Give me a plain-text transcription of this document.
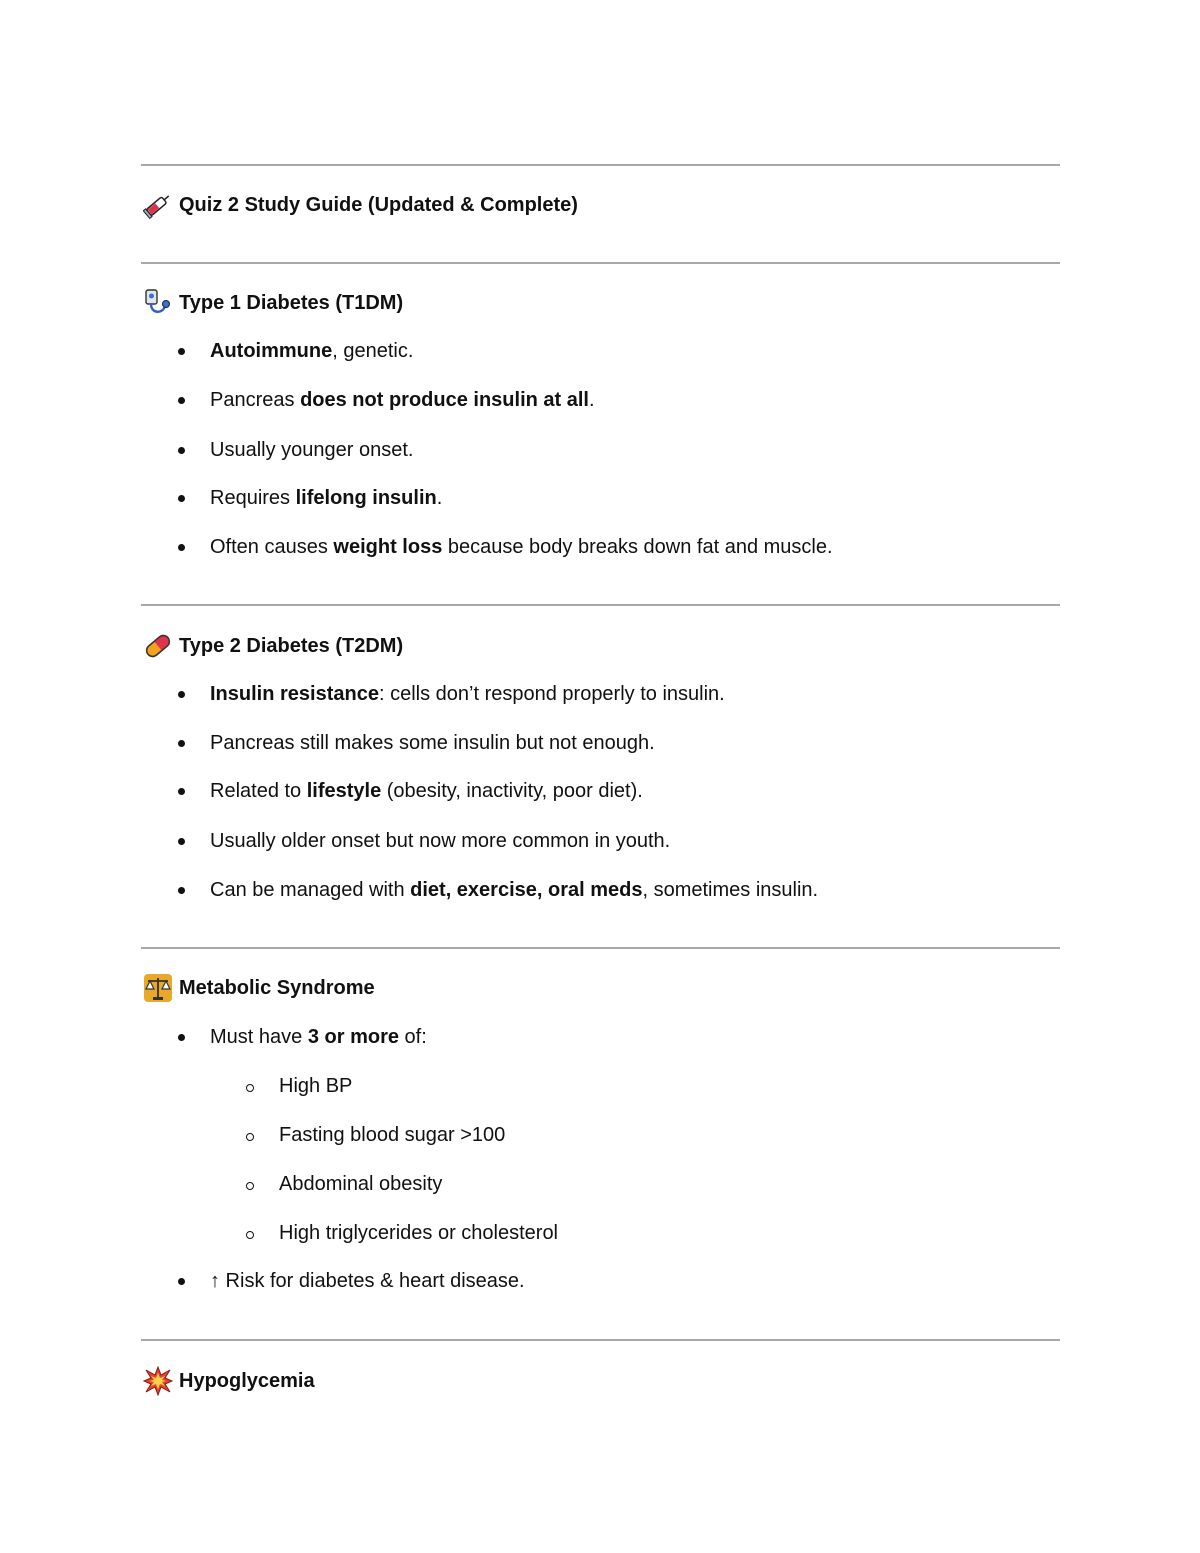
Quiz 2 Study Guide (Updated & Complete)
Type 1 Diabetes (T1DM)
Autoimmune, genetic.
Pancreas does not produce insulin at all.
Usually younger onset.
Requires lifelong insulin.
Often causes weight loss because body breaks down fat and muscle.
Type 2 Diabetes (T2DM)
Insulin resistance: cells don’t respond properly to insulin.
Pancreas still makes some insulin but not enough.
Related to lifestyle (obesity, inactivity, poor diet).
Usually older onset but now more common in youth.
Can be managed with diet, exercise, oral meds, sometimes insulin.
Metabolic Syndrome
Must have 3 or more of:
High BP
Fasting blood sugar >100
Abdominal obesity
High triglycerides or cholesterol
↑ Risk for diabetes & heart disease.
Hypoglycemia
